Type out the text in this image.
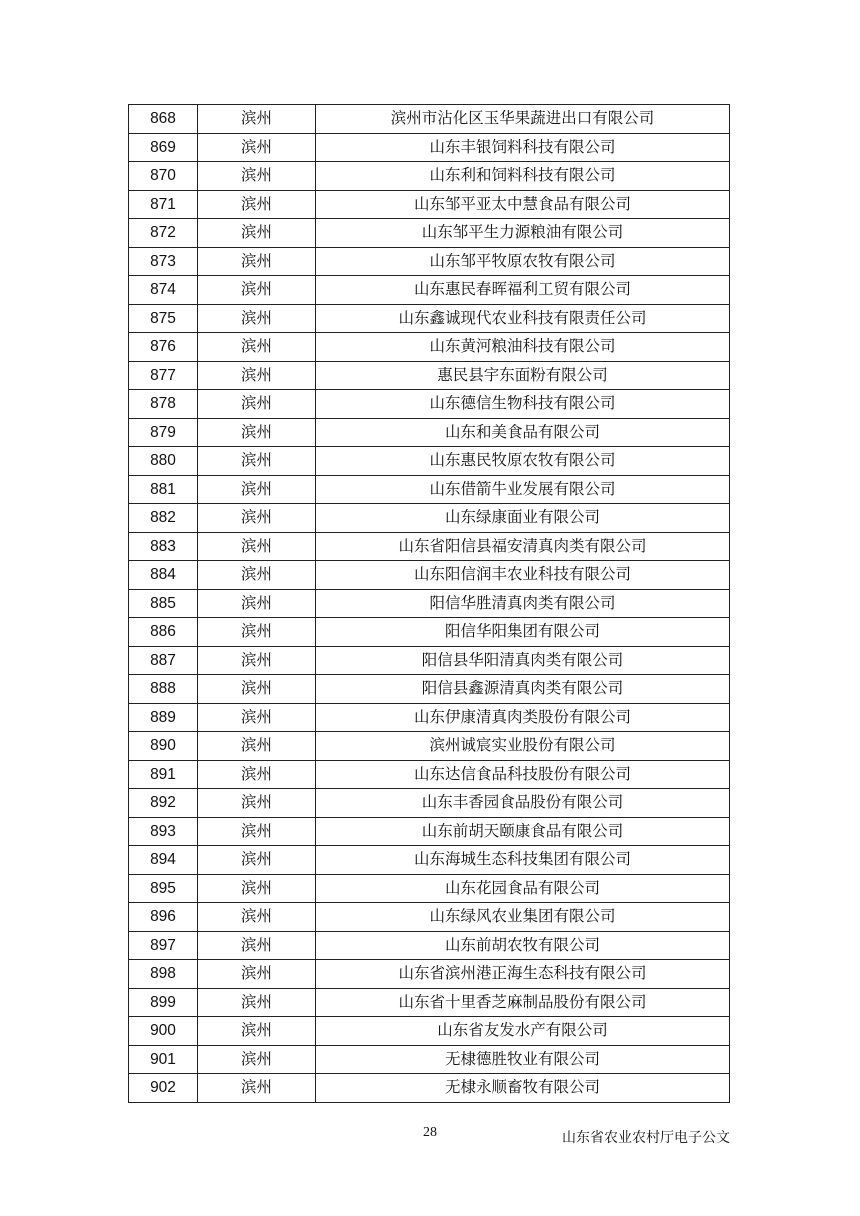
868	滨州	滨州市沾化区玉华果蔬进出口有限公司
869	滨州	山东丰银饲料科技有限公司
870	滨州	山东利和饲料科技有限公司
871	滨州	山东邹平亚太中慧食品有限公司
872	滨州	山东邹平生力源粮油有限公司
873	滨州	山东邹平牧原农牧有限公司
874	滨州	山东惠民春晖福利工贸有限公司
875	滨州	山东鑫诚现代农业科技有限责任公司
876	滨州	山东黄河粮油科技有限公司
877	滨州	惠民县宇东面粉有限公司
878	滨州	山东德信生物科技有限公司
879	滨州	山东和美食品有限公司
880	滨州	山东惠民牧原农牧有限公司
881	滨州	山东借箭牛业发展有限公司
882	滨州	山东绿康面业有限公司
883	滨州	山东省阳信县福安清真肉类有限公司
884	滨州	山东阳信润丰农业科技有限公司
885	滨州	阳信华胜清真肉类有限公司
886	滨州	阳信华阳集团有限公司
887	滨州	阳信县华阳清真肉类有限公司
888	滨州	阳信县鑫源清真肉类有限公司
889	滨州	山东伊康清真肉类股份有限公司
890	滨州	滨州诚宸实业股份有限公司
891	滨州	山东达信食品科技股份有限公司
892	滨州	山东丰香园食品股份有限公司
893	滨州	山东前胡天颐康食品有限公司
894	滨州	山东海城生态科技集团有限公司
895	滨州	山东花园食品有限公司
896	滨州	山东绿风农业集团有限公司
897	滨州	山东前胡农牧有限公司
898	滨州	山东省滨州港正海生态科技有限公司
899	滨州	山东省十里香芝麻制品股份有限公司
900	滨州	山东省友发水产有限公司
901	滨州	无棣德胜牧业有限公司
902	滨州	无棣永顺畜牧有限公司
28	山东省农业农村厅电子公文
